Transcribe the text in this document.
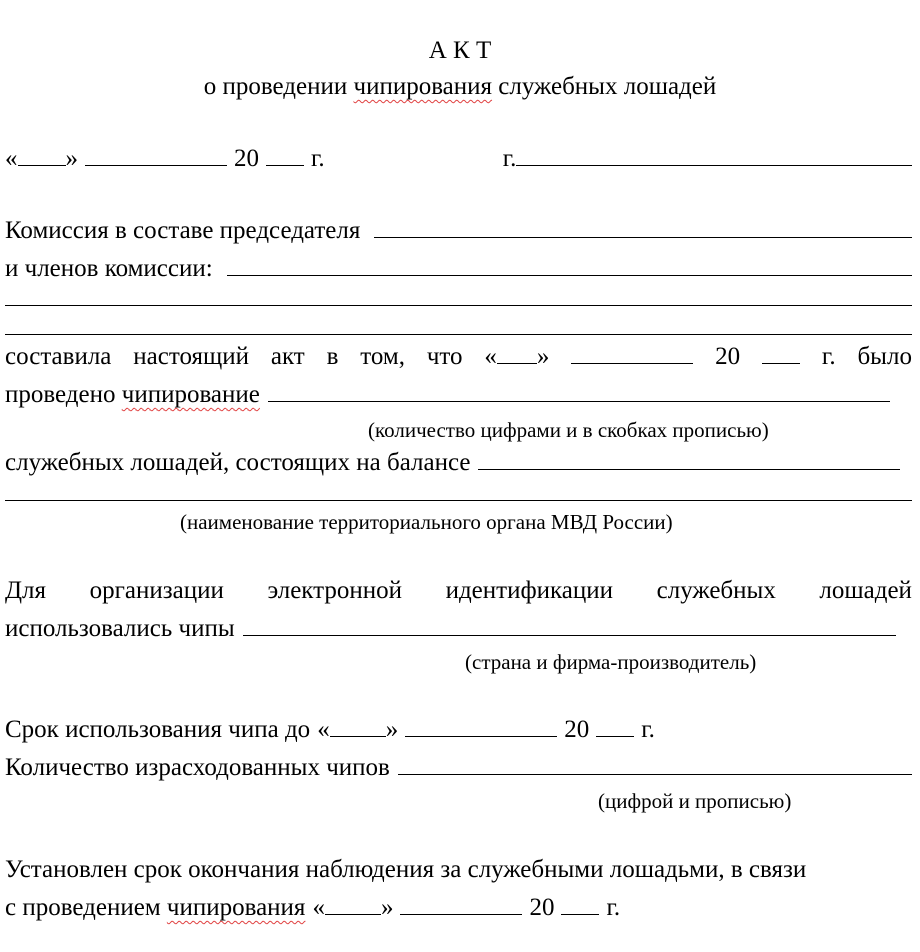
А К Т
о проведении чипирования служебных лошадей
« »	20 г.	г.
Комиссия в составе председателя
и членов комиссии:
составила настоящий акт в том, что « »	20	г. было
проведено чипирование
(количество цифрами и в скобках прописью)
служебных лошадей, состоящих на балансе
(наименование территориального органа МВД России)
Для организации электронной идентификации служебных лошадей
использовались чипы
(страна и фирма-производитель)
Срок использования чипа до « »	20 г.
Количество израсходованных чипов
(цифрой и прописью)
Установлен срок окончания наблюдения за служебными лошадьми, в связи
с проведением чипирования « »	20 г.
